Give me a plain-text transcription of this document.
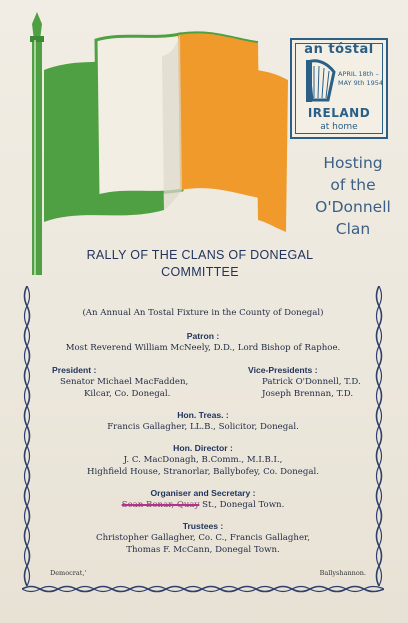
an tóstal
APRIL 18th –MAY 9th 1954
IRELAND
at home
Hosting
of the
O'Donnell
Clan
RALLY OF THE CLANS OF DONEGAL
COMMITTEE
(An Annual An Tostal Fixture in the County of Donegal)
Patron :
Most Reverend William McNeely, D.D., Lord Bishop of Raphoe.
President :
Senator Michael MacFadden,
Kilcar, Co. Donegal.
Vice-Presidents :
Patrick O'Donnell, T.D.
Joseph Brennan, T.D.
Hon. Treas. :
Francis Gallagher, LL.B., Solicitor, Donegal.
Hon. Director :
J. C. MacDonagh, B.Comm., M.I.B.I.,
Highfield House, Stranorlar, Ballybofey, Co. Donegal.
Organiser and Secretary :
Sean Bonar, Quay St., Donegal Town.
Trustees :
Christopher Gallagher, Co. C., Francis Gallagher,
Thomas F. McCann, Donegal Town.
Democrat,'	Ballyshannon.
